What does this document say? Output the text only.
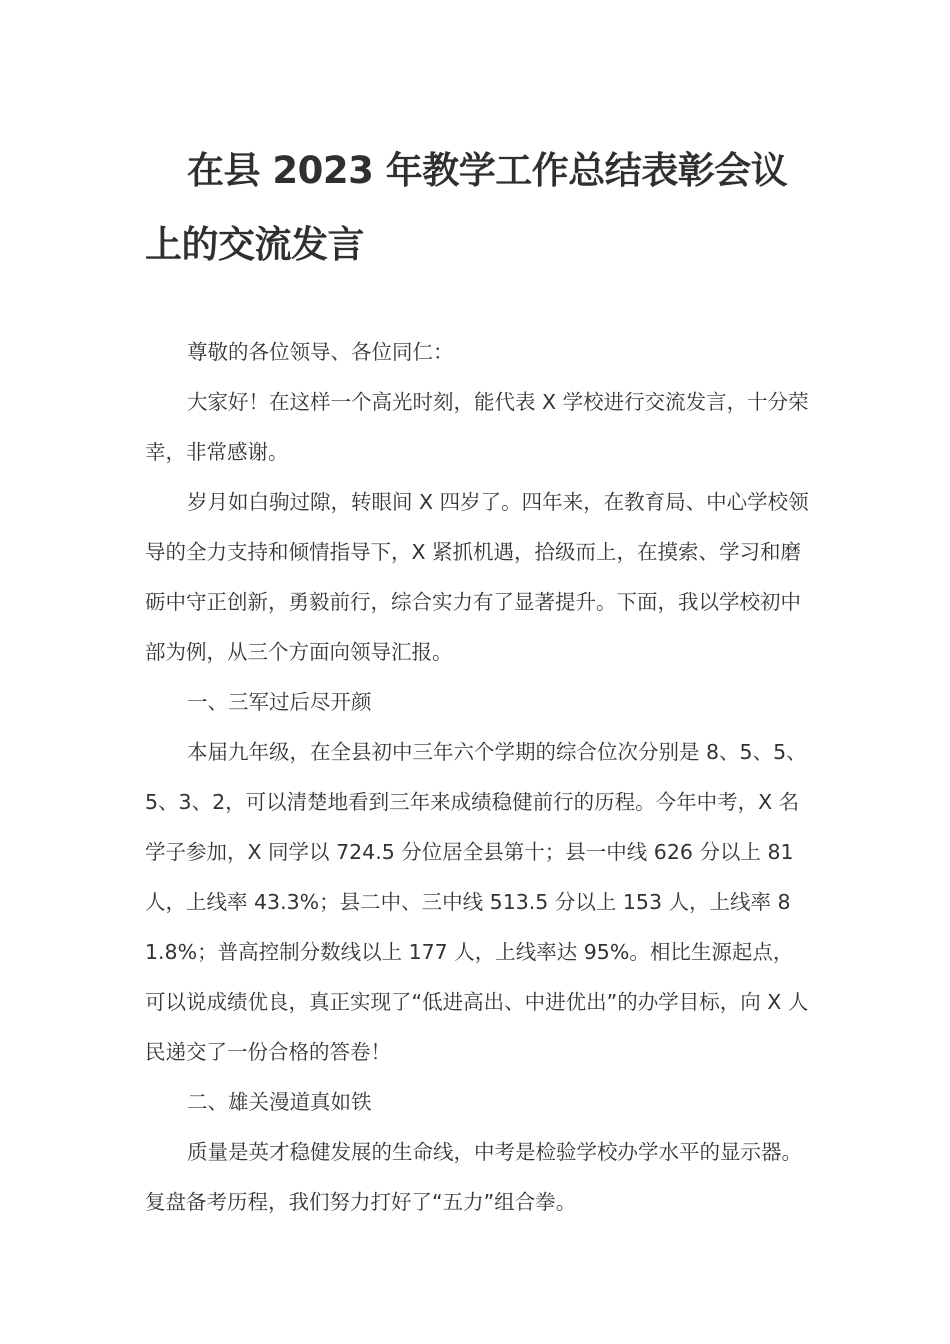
在县 2023 年教学工作总结表彰会议上的交流发言

尊敬的各位领导、各位同仁：

大家好！在这样一个高光时刻，能代表 X 学校进行交流发言，十分荣幸，非常感谢。

岁月如白驹过隙，转眼间 X 四岁了。四年来，在教育局、中心学校领导的全力支持和倾情指导下，X 紧抓机遇，拾级而上，在摸索、学习和磨砺中守正创新，勇毅前行，综合实力有了显著提升。下面，我以学校初中部为例，从三个方面向领导汇报。

一、三军过后尽开颜

本届九年级，在全县初中三年六个学期的综合位次分别是 8、5、5、5、3、2，可以清楚地看到三年来成绩稳健前行的历程。今年中考，X 名学子参加，X 同学以 724.5 分位居全县第十；县一中线 626 分以上 81 人，上线率 43.3%；县二中、三中线 513.5 分以上 153 人，上线率 81.8%；普高控制分数线以上 177 人，上线率达 95%。相比生源起点，可以说成绩优良，真正实现了“低进高出、中进优出”的办学目标，向 X 人民递交了一份合格的答卷！

二、雄关漫道真如铁

质量是英才稳健发展的生命线，中考是检验学校办学水平的显示器。复盘备考历程，我们努力打好了“五力”组合拳。
